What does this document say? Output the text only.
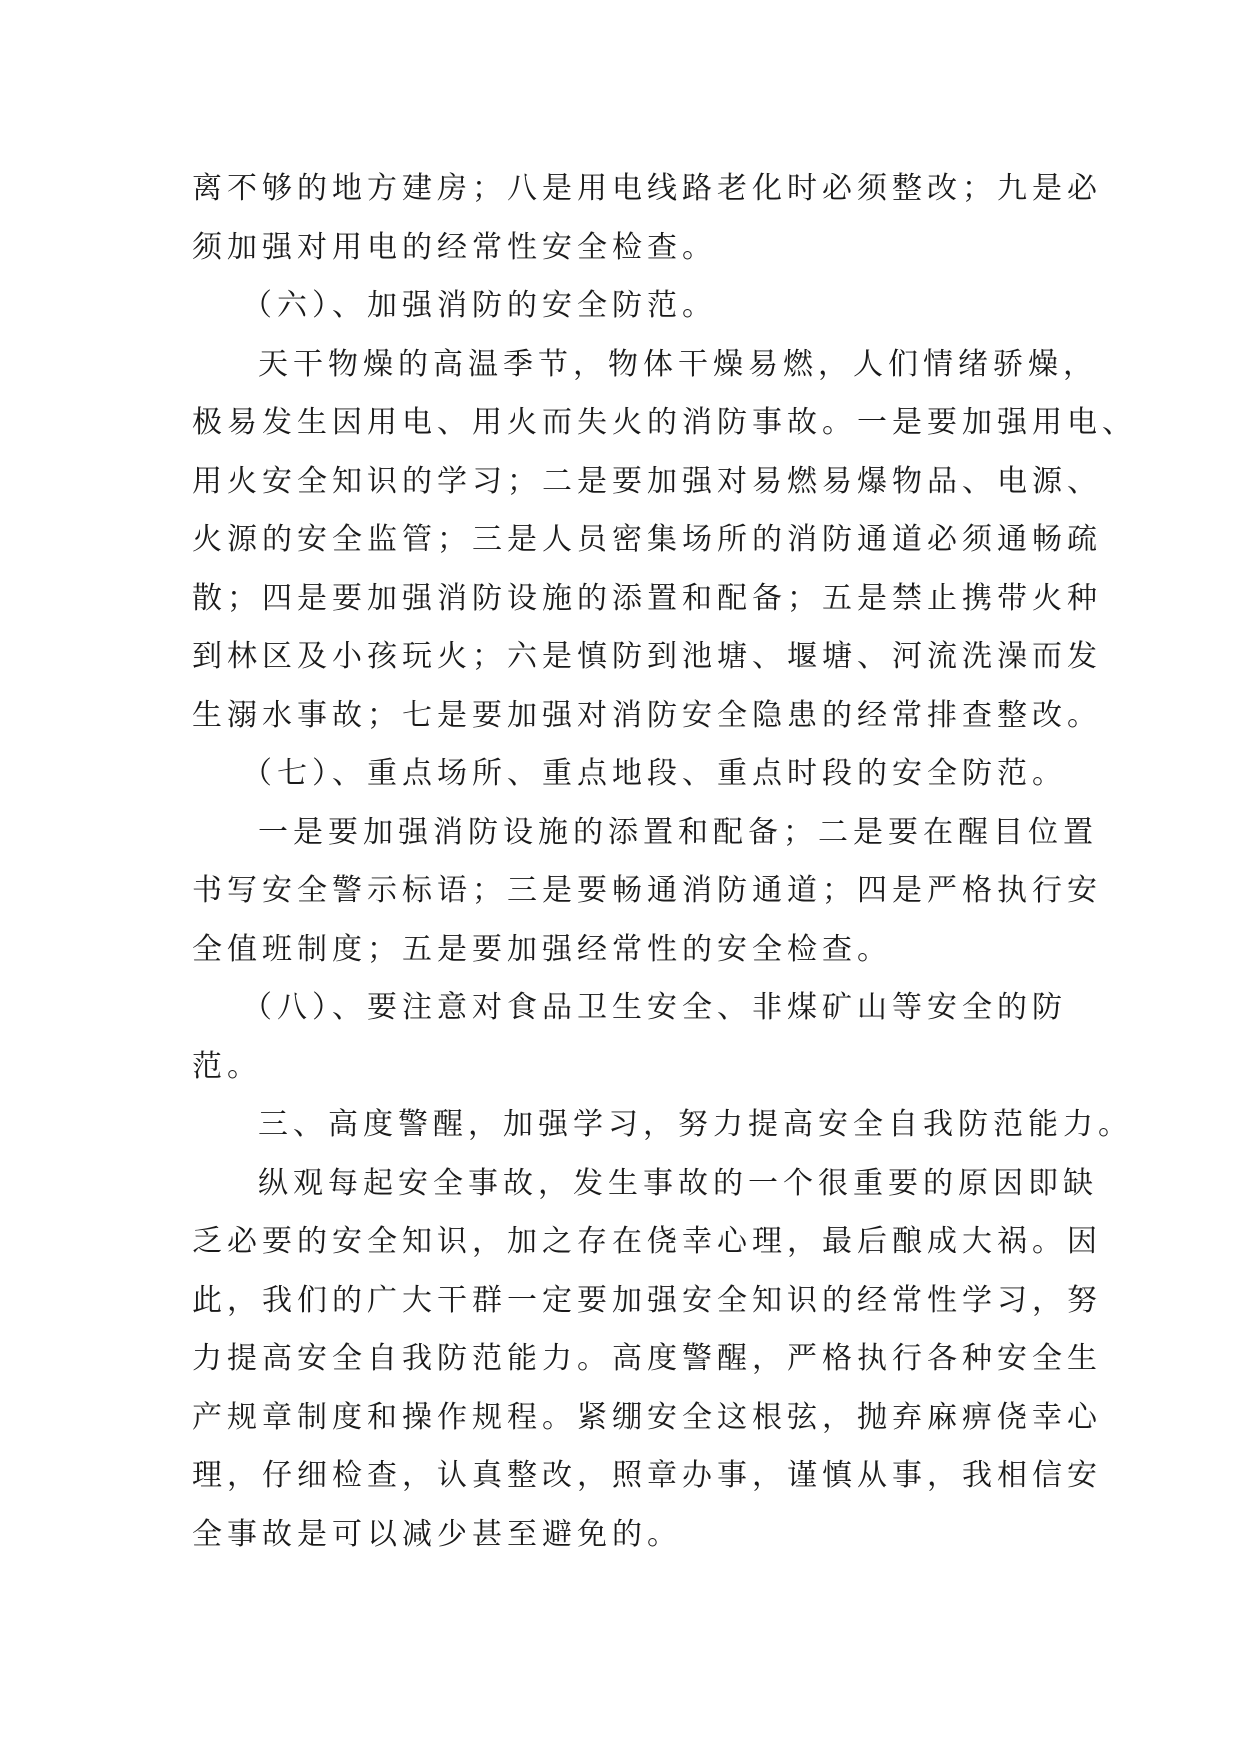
离不够的地方建房；八是用电线路老化时必须整改；九是必
须加强对用电的经常性安全检查。
（六）、加强消防的安全防范。
天干物燥的高温季节，物体干燥易燃，人们情绪骄燥，
极易发生因用电、用火而失火的消防事故。一是要加强用电、
用火安全知识的学习；二是要加强对易燃易爆物品、电源、
火源的安全监管；三是人员密集场所的消防通道必须通畅疏
散；四是要加强消防设施的添置和配备；五是禁止携带火种
到林区及小孩玩火；六是慎防到池塘、堰塘、河流洗澡而发
生溺水事故；七是要加强对消防安全隐患的经常排查整改。
（七）、重点场所、重点地段、重点时段的安全防范。
一是要加强消防设施的添置和配备；二是要在醒目位置
书写安全警示标语；三是要畅通消防通道；四是严格执行安
全值班制度；五是要加强经常性的安全检查。
（八）、要注意对食品卫生安全、非煤矿山等安全的防
范。
三、高度警醒，加强学习，努力提高安全自我防范能力。
纵观每起安全事故，发生事故的一个很重要的原因即缺
乏必要的安全知识，加之存在侥幸心理，最后酿成大祸。因
此，我们的广大干群一定要加强安全知识的经常性学习，努
力提高安全自我防范能力。高度警醒，严格执行各种安全生
产规章制度和操作规程。紧绷安全这根弦，抛弃麻痹侥幸心
理，仔细检查，认真整改，照章办事，谨慎从事，我相信安
全事故是可以减少甚至避免的。
